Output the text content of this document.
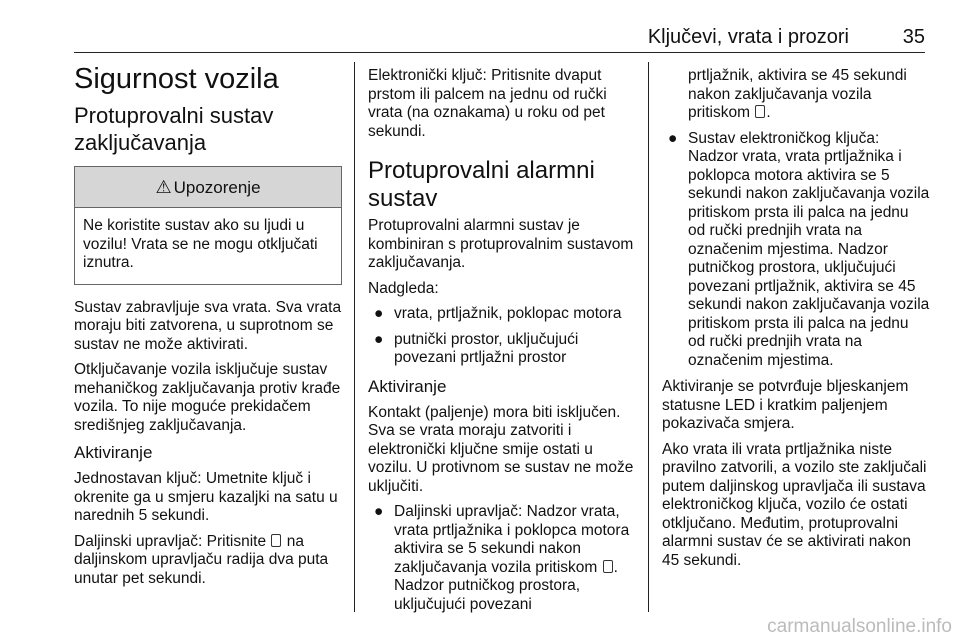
Ključevi, vrata i prozori	35
Sigurnost vozila
Protuprovalni sustav zaključavanja
⚠ Upozorenje

Ne koristite sustav ako su ljudi u vozilu! Vrata se ne mogu otključati iznutra.

Sustav zabravljuje sva vrata. Sva vrata moraju biti zatvorena, u suprotnom se sustav ne može aktivirati.

Otključavanje vozila isključuje sustav mehaničkog zaključavanja protiv krađe vozila. To nije moguće prekidačem središnjeg zaključavanja.

Aktiviranje

Jednostavan ključ: Umetnite ključ i okrenite ga u smjeru kazaljki na satu u narednih 5 sekundi.

Daljinski upravljač: Pritisnite na daljinskom upravljaču radija dva puta unutar pet sekundi.

Elektronički ključ: Pritisnite dvaput prstom ili palcem na jednu od ručki vrata (na oznakama) u roku od pet sekundi.

Protuprovalni alarmni sustav

Protuprovalni alarmni sustav je kombiniran s protuprovalnim sustavom zaključavanja.

Nadgleda:

● vrata, prtljažnik, poklopac motora
● putnički prostor, uključujući povezani prtljažni prostor
Aktiviranje

Kontakt (paljenje) mora biti isključen. Sva se vrata moraju zatvoriti i elektronički ključne smije ostati u vozilu. U protivnom se sustav ne može uključiti.

● Daljinski upravljač: Nadzor vrata, vrata prtljažnika i poklopca motora aktivira se 5 sekundi nakon zaključavanja vozila pritiskom . Nadzor putničkog prostora, uključujući povezani
prtljažnik, aktivira se 45 sekundi nakon zaključavanja vozila pritiskom .
● Sustav elektroničkog ključa: Nadzor vrata, vrata prtljažnika i poklopca motora aktivira se 5 sekundi nakon zaključavanja vozila pritiskom prsta ili palca na jednu od ručki prednjih vrata na označenim mjestima. Nadzor putničkog prostora, uključujući povezani prtljažnik, aktivira se 45 sekundi nakon zaključavanja vozila pritiskom prsta ili palca na jednu od ručki prednjih vrata na označenim mjestima.

Aktiviranje se potvrđuje bljeskanjem statusne LED i kratkim paljenjem pokazivača smjera.

Ako vrata ili vrata prtljažnika niste pravilno zatvorili, a vozilo ste zaključali putem daljinskog upravljača ili sustava elektroničkog ključa, vozilo će ostati otključano. Međutim, protuprovalni alarmni sustav će se aktivirati nakon 45 sekundi.

carmanualsonline.info
